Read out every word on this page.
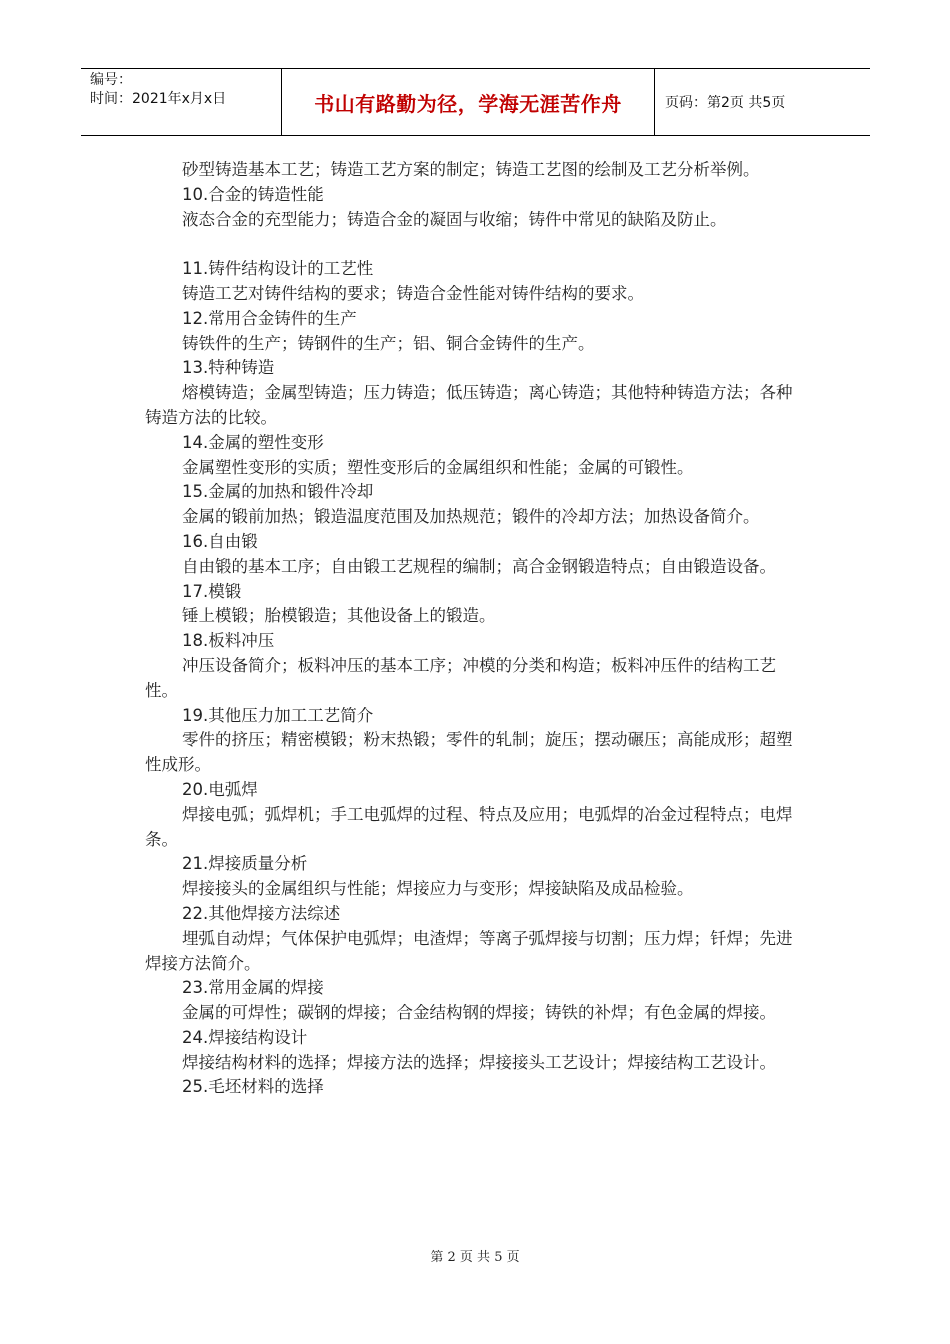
编号：
时间：2021年x月x日	书山有路勤为径，学海无涯苦作舟	页码：第2页 共5页

砂型铸造基本工艺；铸造工艺方案的制定；铸造工艺图的绘制及工艺分析举例。

10.合金的铸造性能

液态合金的充型能力；铸造合金的凝固与收缩；铸件中常见的缺陷及防止。

11.铸件结构设计的工艺性

铸造工艺对铸件结构的要求；铸造合金性能对铸件结构的要求。

12.常用合金铸件的生产

铸铁件的生产；铸钢件的生产；铝、铜合金铸件的生产。

13.特种铸造

熔模铸造；金属型铸造；压力铸造；低压铸造；离心铸造；其他特种铸造方法；各种铸造方法的比较。

14.金属的塑性变形

金属塑性变形的实质；塑性变形后的金属组织和性能；金属的可锻性。

15.金属的加热和锻件冷却

金属的锻前加热；锻造温度范围及加热规范；锻件的冷却方法；加热设备简介。

16.自由锻

自由锻的基本工序；自由锻工艺规程的编制；高合金钢锻造特点；自由锻造设备。

17.模锻

锤上模锻；胎模锻造；其他设备上的锻造。

18.板料冲压

冲压设备简介；板料冲压的基本工序；冲模的分类和构造；板料冲压件的结构工艺性。

19.其他压力加工工艺简介

零件的挤压；精密模锻；粉末热锻；零件的轧制；旋压；摆动碾压；高能成形；超塑性成形。

20.电弧焊

焊接电弧；弧焊机；手工电弧焊的过程、特点及应用；电弧焊的冶金过程特点；电焊条。

21.焊接质量分析

焊接接头的金属组织与性能；焊接应力与变形；焊接缺陷及成品检验。

22.其他焊接方法综述

埋弧自动焊；气体保护电弧焊；电渣焊；等离子弧焊接与切割；压力焊；钎焊；先进焊接方法简介。

23.常用金属的焊接

金属的可焊性；碳钢的焊接；合金结构钢的焊接；铸铁的补焊；有色金属的焊接。

24.焊接结构设计

焊接结构材料的选择；焊接方法的选择；焊接接头工艺设计；焊接结构工艺设计。

25.毛坯材料的选择

第 2 页 共 5 页
